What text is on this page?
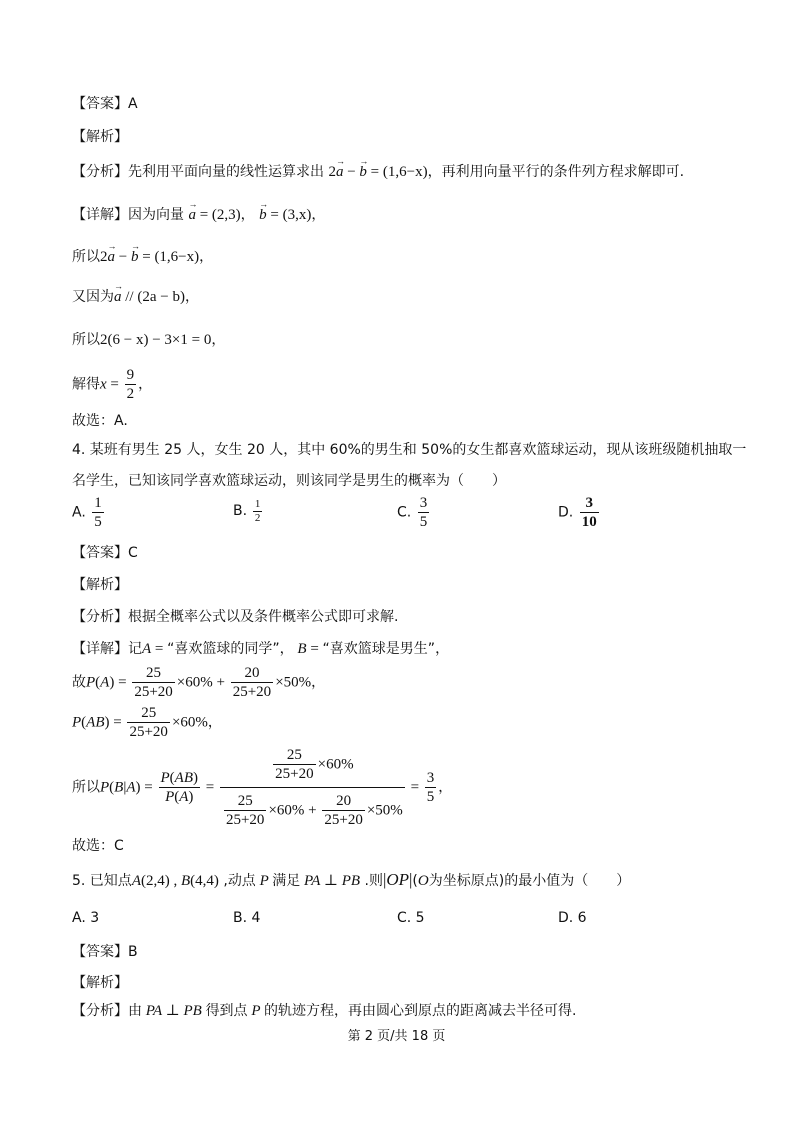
【答案】A
【解析】
【分析】先利用平面向量的线性运算求出 2→ a − → b = (1,6−x)，再利用向量平行的条件列方程求解即可.
【详解】因为向量 → a = (2,3)， → b = (3,x)，
所以2→ a − → b = (1,6−x)，
又因为→ a // (2a − b)，
所以2(6 − x) − 3×1 = 0，
解得$x = \frac{9}{2}$ ，
故选：A.
4. 某班有男生 25 人，女生 20 人，其中 60%的男生和 50%的女生都喜欢篮球运动，现从该班级随机抽取一
名学生，已知该同学喜欢篮球运动，则该同学是男生的概率为（　　）
A. $\frac{1}{5}$	B. $\frac{1}{2}$	C. $\frac{3}{5}$	D. $\frac{3}{10}$
【答案】C
【解析】
【分析】根据全概率公式以及条件概率公式即可求解.
【详解】记A = “喜欢篮球的同学”， B = “喜欢篮球是男生”，
故$P(A) = \frac{25}{25+20} \times 60\% + \frac{20}{25+20} \times 50\%$，
$P(AB) = \frac{25}{25+20} \times 60\%$，
所以$P(B|A) = \frac{P(AB)}{P(A)} = \frac{\frac{25}{25+20} \times 60\%}{\frac{25}{25+20} \times 60\% + \frac{20}{25+20} \times 50\%} = \frac{3}{5}$ ，
故选：C
5. 已知点A(2,4) , B(4,4) ,动点 P 满足 PA ⊥ PB .则|OP|(O为坐标原点)的最小值为（　　）
A. 3	B. 4	C. 5	D. 6
【答案】B
【解析】
【分析】由 PA ⊥ PB 得到点 P 的轨迹方程，再由圆心到原点的距离减去半径可得.
第 2 页/共 18 页
